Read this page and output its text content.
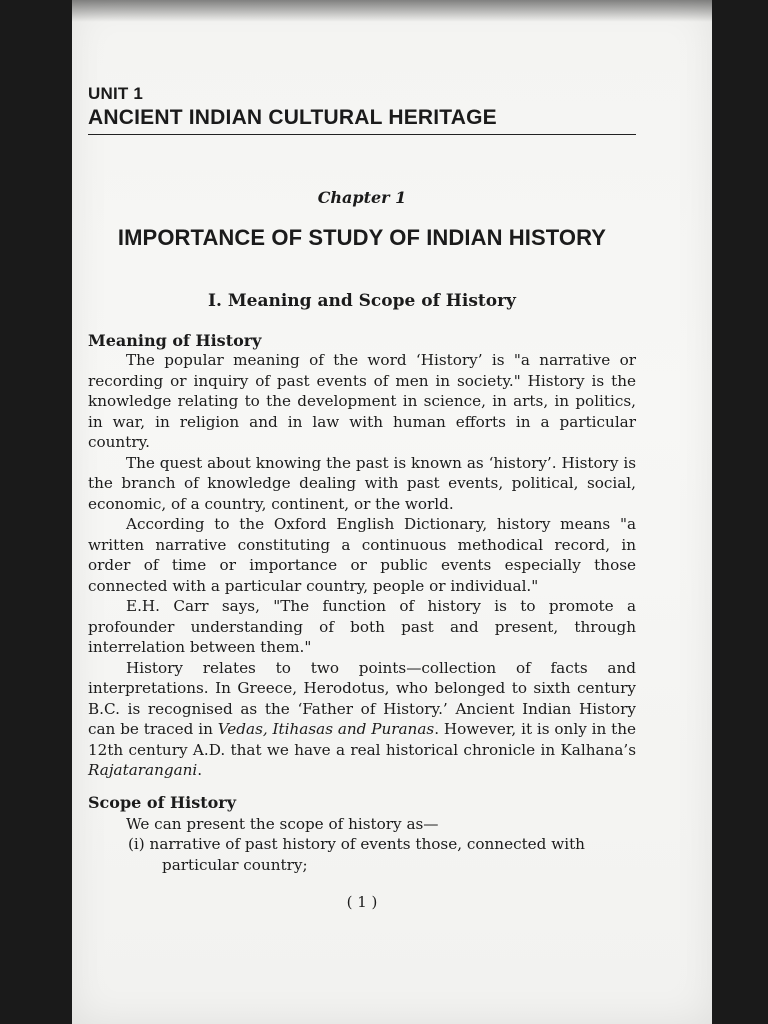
UNIT 1

ANCIENT INDIAN CULTURAL HERITAGE

Chapter 1

IMPORTANCE OF STUDY OF INDIAN HISTORY
I. Meaning and Scope of History
Meaning of History

The popular meaning of the word ‘History’ is "a narrative or recording or inquiry of past events of men in society." History is the knowledge relating to the development in science, in arts, in politics, in war, in religion and in law with human efforts in a particular country.

The quest about knowing the past is known as ‘history’. History is the branch of knowledge dealing with past events, political, social, economic, of a country, continent, or the world.

According to the Oxford English Dictionary, history means "a written narrative constituting a continuous methodical record, in order of time or importance or public events especially those connected with a particular country, people or individual."

E.H. Carr says, "The function of history is to promote a profounder understanding of both past and present, through interrelation between them."

History relates to two points—collection of facts and interpretations. In Greece, Herodotus, who belonged to sixth century B.C. is recognised as the ‘Father of History.’ Ancient Indian History can be traced in Vedas, Itihasas and Puranas. However, it is only in the 12th century A.D. that we have a real historical chronicle in Kalhana’s Rajatarangani.

Scope of History

We can present the scope of history as—

(i) narrative of past history of events those, connected with particular country;

( 1 )
